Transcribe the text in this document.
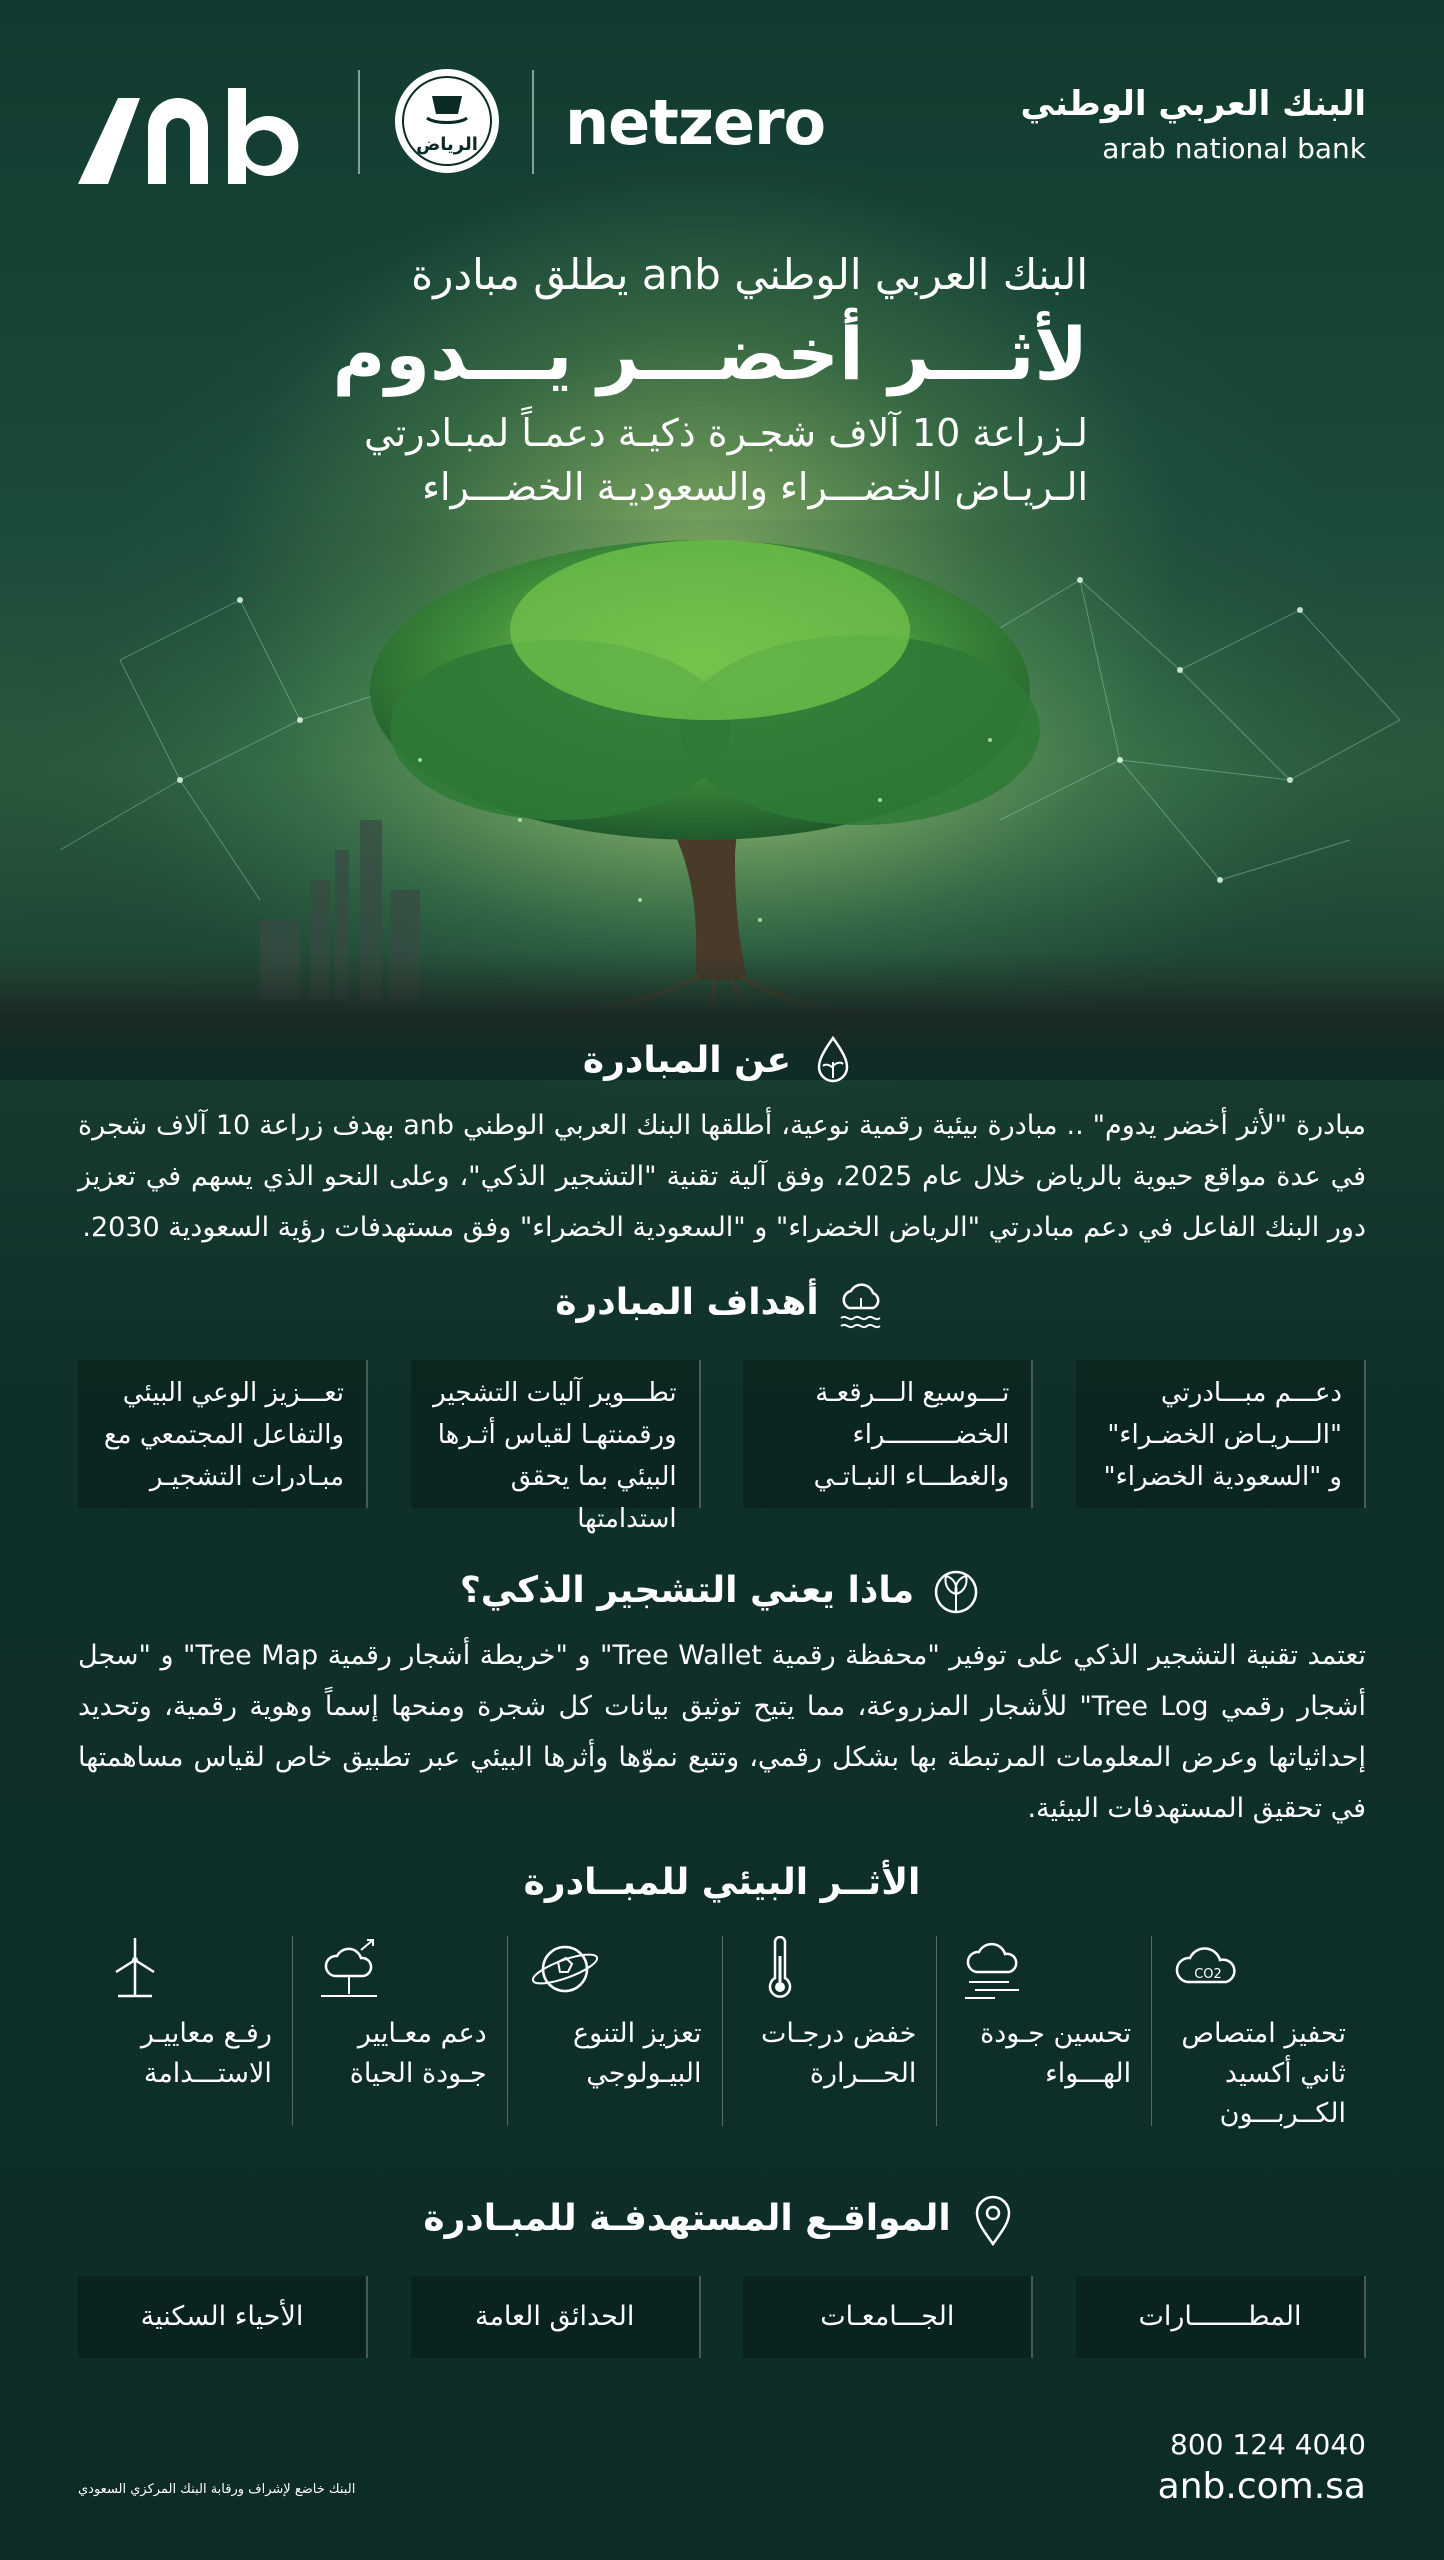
الرياض netzero	البنك العربي الوطني
arab national bank
البنك العربي الوطني anb يطلق مبادرة
لأثـــر أخضـــر يـــدوم
لـزراعة 10 آلاف شجـرة ذكيـة دعمـاً لمبـادرتي
الـريـاض الخضـــراء والسعوديـة الخضـــراء
عن المبادرة
مبادرة "لأثر أخضر يدوم" .. مبادرة بيئية رقمية نوعية، أطلقها البنك العربي الوطني anb بهدف زراعة 10 آلاف شجرة في عدة مواقع حيوية بالرياض خلال عام 2025، وفق آلية تقنية "التشجير الذكي"، وعلى النحو الذي يسهم في تعزيز دور البنك الفاعل في دعم مبادرتي "الرياض الخضراء" و "السعودية الخضراء" وفق مستهدفات رؤية السعودية 2030.
أهداف المبادرة
دعـــم مبـــادرتي "الـــريـاض الخضـراء" و "السعودية الخضراء"
تـــوسيع الـــرقعـة الخضـــــــــراء والغطـــاء النبـاتـي
تطـــوير آليات التشجير ورقمنتهـا لقياس أثـرها البيئي بما يحقق استدامتها
تعـــزيز الوعي البيئي والتفاعل المجتمعي مع مبـادرات التشجيـر
ماذا يعني التشجير الذكي؟
تعتمد تقنية التشجير الذكي على توفير "محفظة رقمية Tree Wallet" و "خريطة أشجار رقمية Tree Map" و "سجل أشجار رقمي Tree Log" للأشجار المزروعة، مما يتيح توثيق بيانات كل شجرة ومنحها إسماً وهوية رقمية، وتحديد إحداثياتها وعرض المعلومات المرتبطة بها بشكل رقمي، وتتبع نموّها وأثرها البيئي عبر تطبيق خاص لقياس مساهمتها في تحقيق المستهدفات البيئية.
الأثــر البيئي للمبــادرة
CO2
تحفيز امتصاص ثاني أكسيد الكــربـــون
تحسين جـودة الهـــواء
خفض درجـات الحـــرارة
تعزيز التنوع البيـولوجي
دعم معـايير جـودة الحياة
رفـع معاييـر الاستـــدامة
المواقـع المستهدفـة للمبـادرة
المطـــــــارات
الجـــامعـات
الحدائق العامة
الأحياء السكنية
800 124 4040
anb.com.sa
البنك خاضع لإشراف ورقابة البنك المركزي السعودي
